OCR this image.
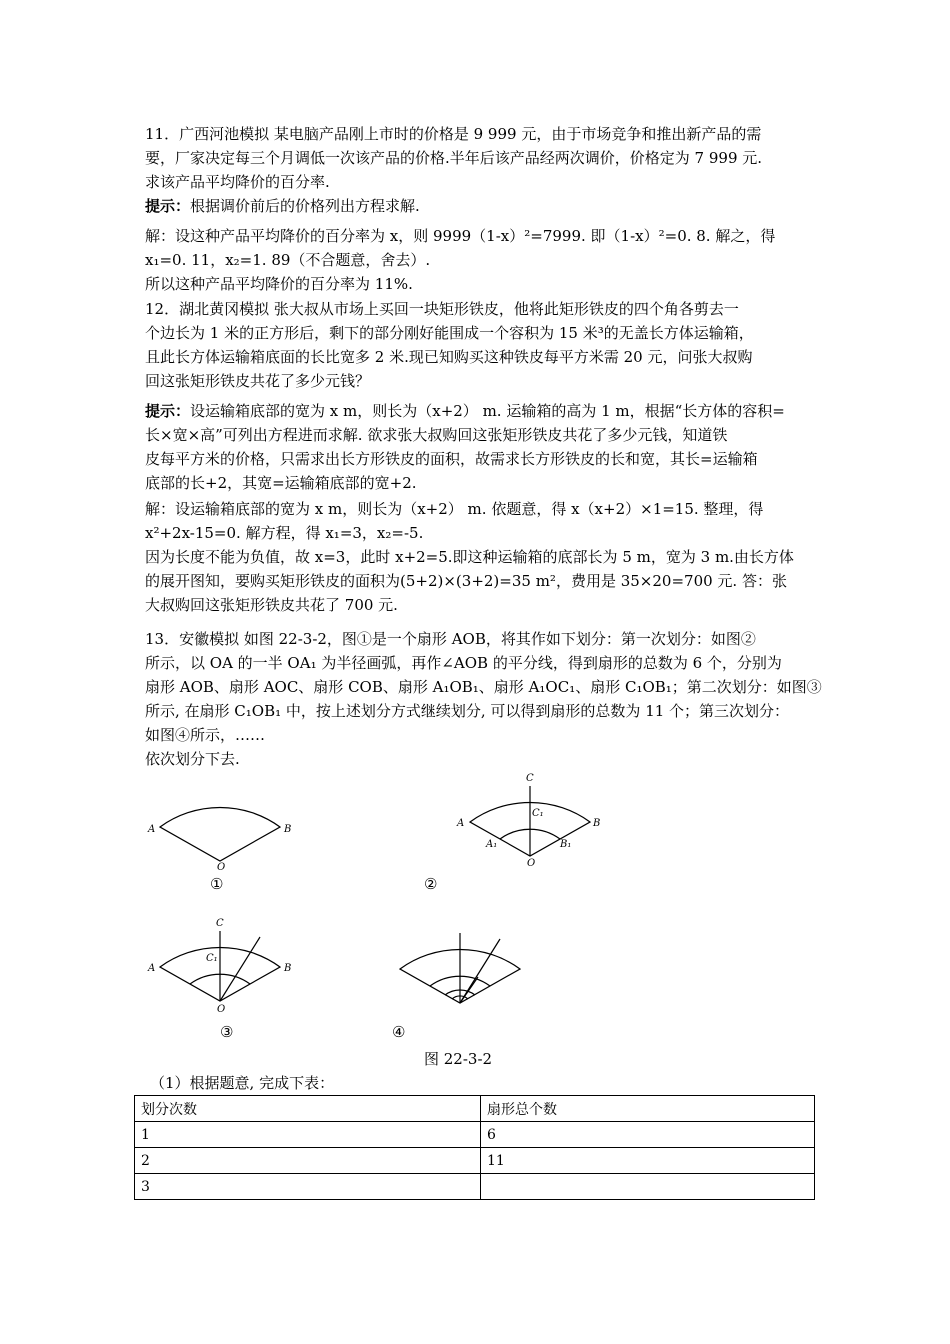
11．广西河池模拟 某电脑产品刚上市时的价格是 9 999 元，由于市场竞争和推出新产品的需
要，厂家决定每三个月调低一次该产品的价格.半年后该产品经两次调价，价格定为 7 999 元.
求该产品平均降价的百分率.
提示：根据调价前后的价格列出方程求解.
解：设这种产品平均降价的百分率为 x，则 9999（1-x）²=7999. 即（1-x）²=0. 8. 解之，得
x₁=0. 11，x₂=1. 89（不合题意，舍去）.
所以这种产品平均降价的百分率为 11%.
12．湖北黄冈模拟 张大叔从市场上买回一块矩形铁皮，他将此矩形铁皮的四个角各剪去一
个边长为 1 米的正方形后，剩下的部分刚好能围成一个容积为 15 米³的无盖长方体运输箱，
且此长方体运输箱底面的长比宽多 2 米.现已知购买这种铁皮每平方米需 20 元，问张大叔购
回这张矩形铁皮共花了多少元钱？
提示：设运输箱底部的宽为 x m，则长为（x+2） m. 运输箱的高为 1 m，根据“长方体的容积=
长×宽×高”可列出方程进而求解. 欲求张大叔购回这张矩形铁皮共花了多少元钱，知道铁
皮每平方米的价格，只需求出长方形铁皮的面积，故需求长方形铁皮的长和宽，其长=运输箱
底部的长+2，其宽=运输箱底部的宽+2.
解：设运输箱底部的宽为 x m，则长为（x+2） m. 依题意，得 x（x+2）×1=15. 整理，得
x²+2x-15=0. 解方程，得 x₁=3，x₂=-5.
因为长度不能为负值，故 x=3，此时 x+2=5.即这种运输箱的底部长为 5 m，宽为 3 m.由长方体
的展开图知，要购买矩形铁皮的面积为(5+2)×(3+2)=35 m²，费用是 35×20=700 元. 答：张
大叔购回这张矩形铁皮共花了 700 元.
13．安徽模拟 如图 22-3-2，图①是一个扇形 AOB，将其作如下划分：第一次划分：如图②
所示，以 OA 的一半 OA₁ 为半径画弧，再作∠AOB 的平分线，得到扇形的总数为 6 个，分别为
扇形 AOB、扇形 AOC、扇形 COB、扇形 A₁OB₁、扇形 A₁OC₁、扇形 C₁OB₁；第二次划分：如图③
所示, 在扇形 C₁OB₁ 中，按上述划分方式继续划分, 可以得到扇形的总数为 11 个；第三次划分：
如图④所示，……
依次划分下去.
A	B
O
①
C
C₁
A	B
A₁	B₁
O
②
C
C₁
A	B
O
③	④
图 22-3-2
（1）根据题意, 完成下表：
划分次数	扇形总个数
1	6
2	11
3	
